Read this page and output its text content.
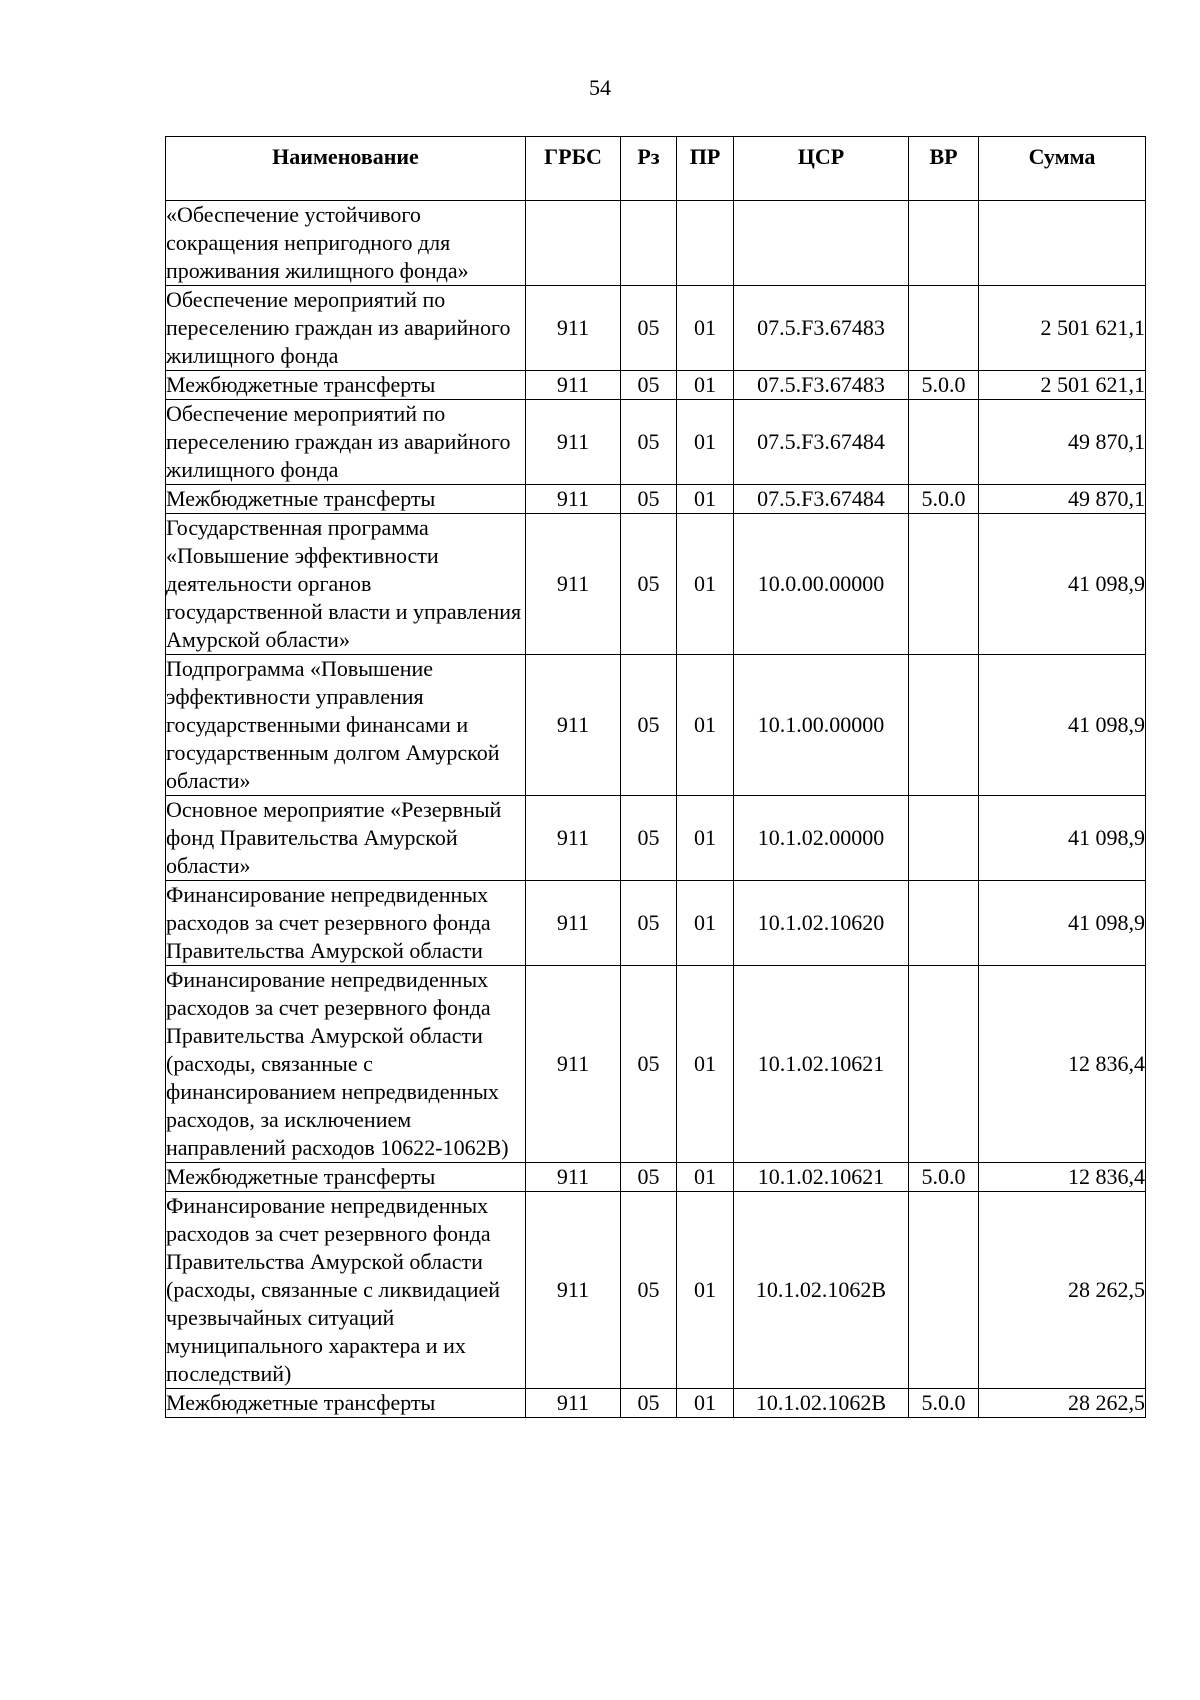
54
Наименование	ГРБС	Рз	ПР	ЦСР	ВР	Сумма
«Обеспечение устойчивого сокращения непригодного для проживания жилищного фонда»						
Обеспечение мероприятий по переселению граждан из аварийного жилищного фонда	911	05	01	07.5.F3.67483		2 501 621,1
Межбюджетные трансферты	911	05	01	07.5.F3.67483	5.0.0	2 501 621,1
Обеспечение мероприятий по переселению граждан из аварийного жилищного фонда	911	05	01	07.5.F3.67484		49 870,1
Межбюджетные трансферты	911	05	01	07.5.F3.67484	5.0.0	49 870,1
Государственная программа «Повышение эффективности деятельности органов государственной власти и управления Амурской области»	911	05	01	10.0.00.00000		41 098,9
Подпрограмма «Повышение эффективности управления государственными финансами и государственным долгом Амурской области»	911	05	01	10.1.00.00000		41 098,9
Основное мероприятие «Резервный фонд Правительства Амурской области»	911	05	01	10.1.02.00000		41 098,9
Финансирование непредвиденных расходов за счет резервного фонда Правительства Амурской области	911	05	01	10.1.02.10620		41 098,9
Финансирование непредвиденных расходов за счет резервного фонда Правительства Амурской области (расходы, связанные с финансированием непредвиденных расходов, за исключением направлений расходов 10622-1062В)	911	05	01	10.1.02.10621		12 836,4
Межбюджетные трансферты	911	05	01	10.1.02.10621	5.0.0	12 836,4
Финансирование непредвиденных расходов за счет резервного фонда Правительства Амурской области (расходы, связанные с ликвидацией чрезвычайных ситуаций муниципального характера и их последствий)	911	05	01	10.1.02.1062В		28 262,5
Межбюджетные трансферты	911	05	01	10.1.02.1062В	5.0.0	28 262,5
